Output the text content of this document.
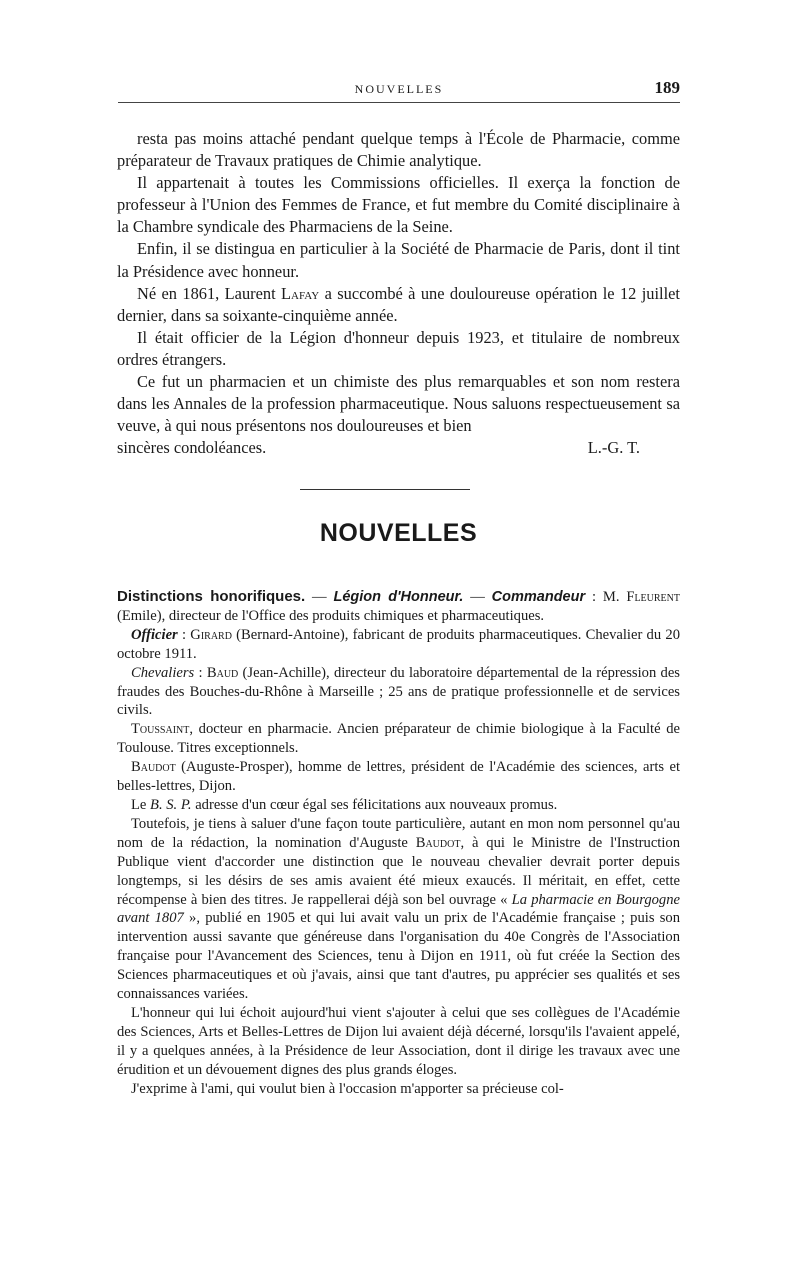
NOUVELLES	189

resta pas moins attaché pendant quelque temps à l'École de Pharmacie, comme préparateur de Travaux pratiques de Chimie analytique.

Il appartenait à toutes les Commissions officielles. Il exerça la fonction de professeur à l'Union des Femmes de France, et fut membre du Comité disciplinaire à la Chambre syndicale des Pharmaciens de la Seine.

Enfin, il se distingua en particulier à la Société de Pharmacie de Paris, dont il tint la Présidence avec honneur.

Né en 1861, Laurent Lafay a succombé à une douloureuse opération le 12 juillet dernier, dans sa soixante-cinquième année.

Il était officier de la Légion d'honneur depuis 1923, et titulaire de nombreux ordres étrangers.

Ce fut un pharmacien et un chimiste des plus remarquables et son nom restera dans les Annales de la profession pharmaceutique. Nous saluons respectueusement sa veuve, à qui nous présentons nos douloureuses et bien

sincères condoléances.	L.-G. T.
NOUVELLES

Distinctions honorifiques. — Légion d'Honneur. — Commandeur : M. Fleurent (Emile), directeur de l'Office des produits chimiques et pharmaceutiques.

Officier : Girard (Bernard-Antoine), fabricant de produits pharmaceutiques. Chevalier du 20 octobre 1911.

Chevaliers : Baud (Jean-Achille), directeur du laboratoire départemental de la répression des fraudes des Bouches-du-Rhône à Marseille ; 25 ans de pratique professionnelle et de services civils.

Toussaint, docteur en pharmacie. Ancien préparateur de chimie biologique à la Faculté de Toulouse. Titres exceptionnels.

Baudot (Auguste-Prosper), homme de lettres, président de l'Académie des sciences, arts et belles-lettres, Dijon.

Le B. S. P. adresse d'un cœur égal ses félicitations aux nouveaux promus.

Toutefois, je tiens à saluer d'une façon toute particulière, autant en mon nom personnel qu'au nom de la rédaction, la nomination d'Auguste Baudot, à qui le Ministre de l'Instruction Publique vient d'accorder une distinction que le nouveau chevalier devrait porter depuis longtemps, si les désirs de ses amis avaient été mieux exaucés. Il méritait, en effet, cette récompense à bien des titres. Je rappellerai déjà son bel ouvrage « La pharmacie en Bourgogne avant 1807 », publié en 1905 et qui lui avait valu un prix de l'Académie française ; puis son intervention aussi savante que généreuse dans l'organisation du 40e Congrès de l'Association française pour l'Avancement des Sciences, tenu à Dijon en 1911, où fut créée la Section des Sciences pharmaceutiques et où j'avais, ainsi que tant d'autres, pu apprécier ses qualités et ses connaissances variées.

L'honneur qui lui échoit aujourd'hui vient s'ajouter à celui que ses collègues de l'Académie des Sciences, Arts et Belles-Lettres de Dijon lui avaient déjà décerné, lorsqu'ils l'avaient appelé, il y a quelques années, à la Présidence de leur Association, dont il dirige les travaux avec une érudition et un dévouement dignes des plus grands éloges.

J'exprime à l'ami, qui voulut bien à l'occasion m'apporter sa précieuse col-
